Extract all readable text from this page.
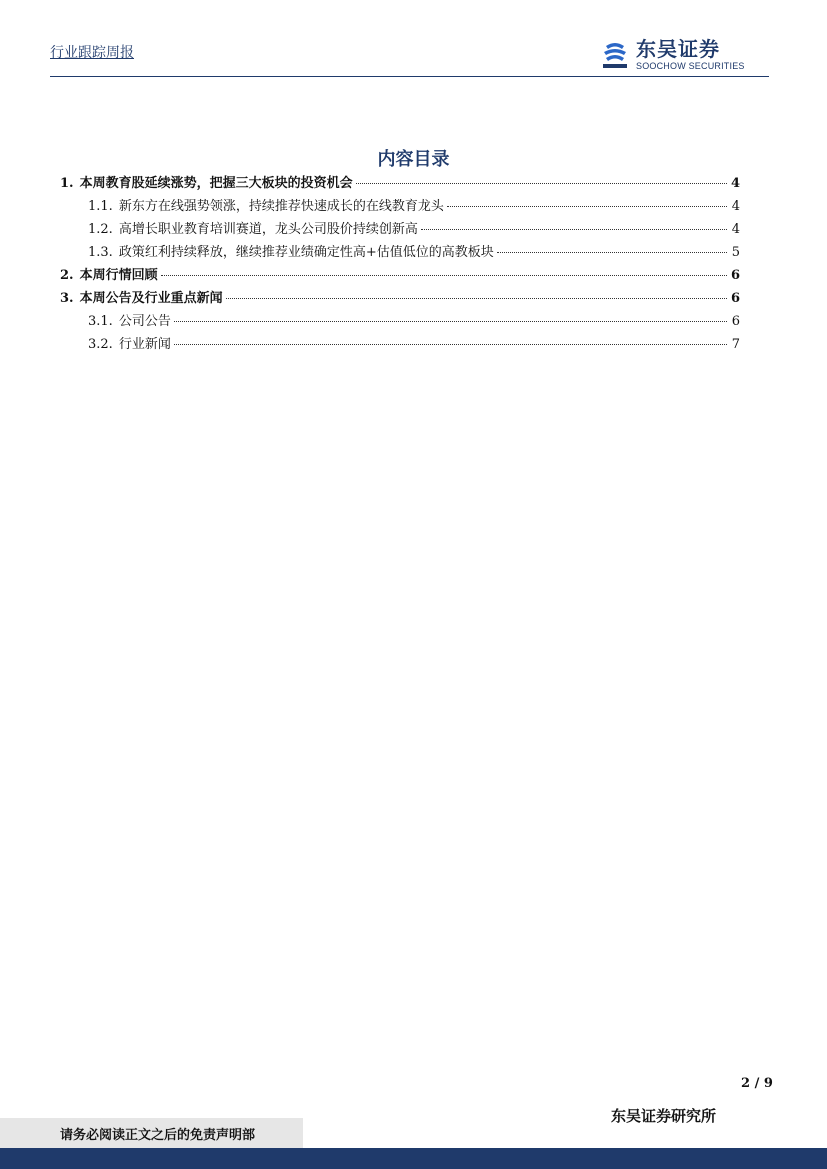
行业跟踪周报	东吴证券
SOOCHOW SECURITIES
内容目录
1. 本周教育股延续涨势，把握三大板块的投资机会	4
1.1. 新东方在线强势领涨，持续推荐快速成长的在线教育龙头	4
1.2. 高增长职业教育培训赛道，龙头公司股价持续创新高	4
1.3. 政策红利持续释放，继续推荐业绩确定性高+估值低位的高教板块	5
2. 本周行情回顾	6
3. 本周公告及行业重点新闻	6
3.1. 公司公告	6
3.2. 行业新闻	7
2 / 9
东吴证券研究所
请务必阅读正文之后的免责声明部
